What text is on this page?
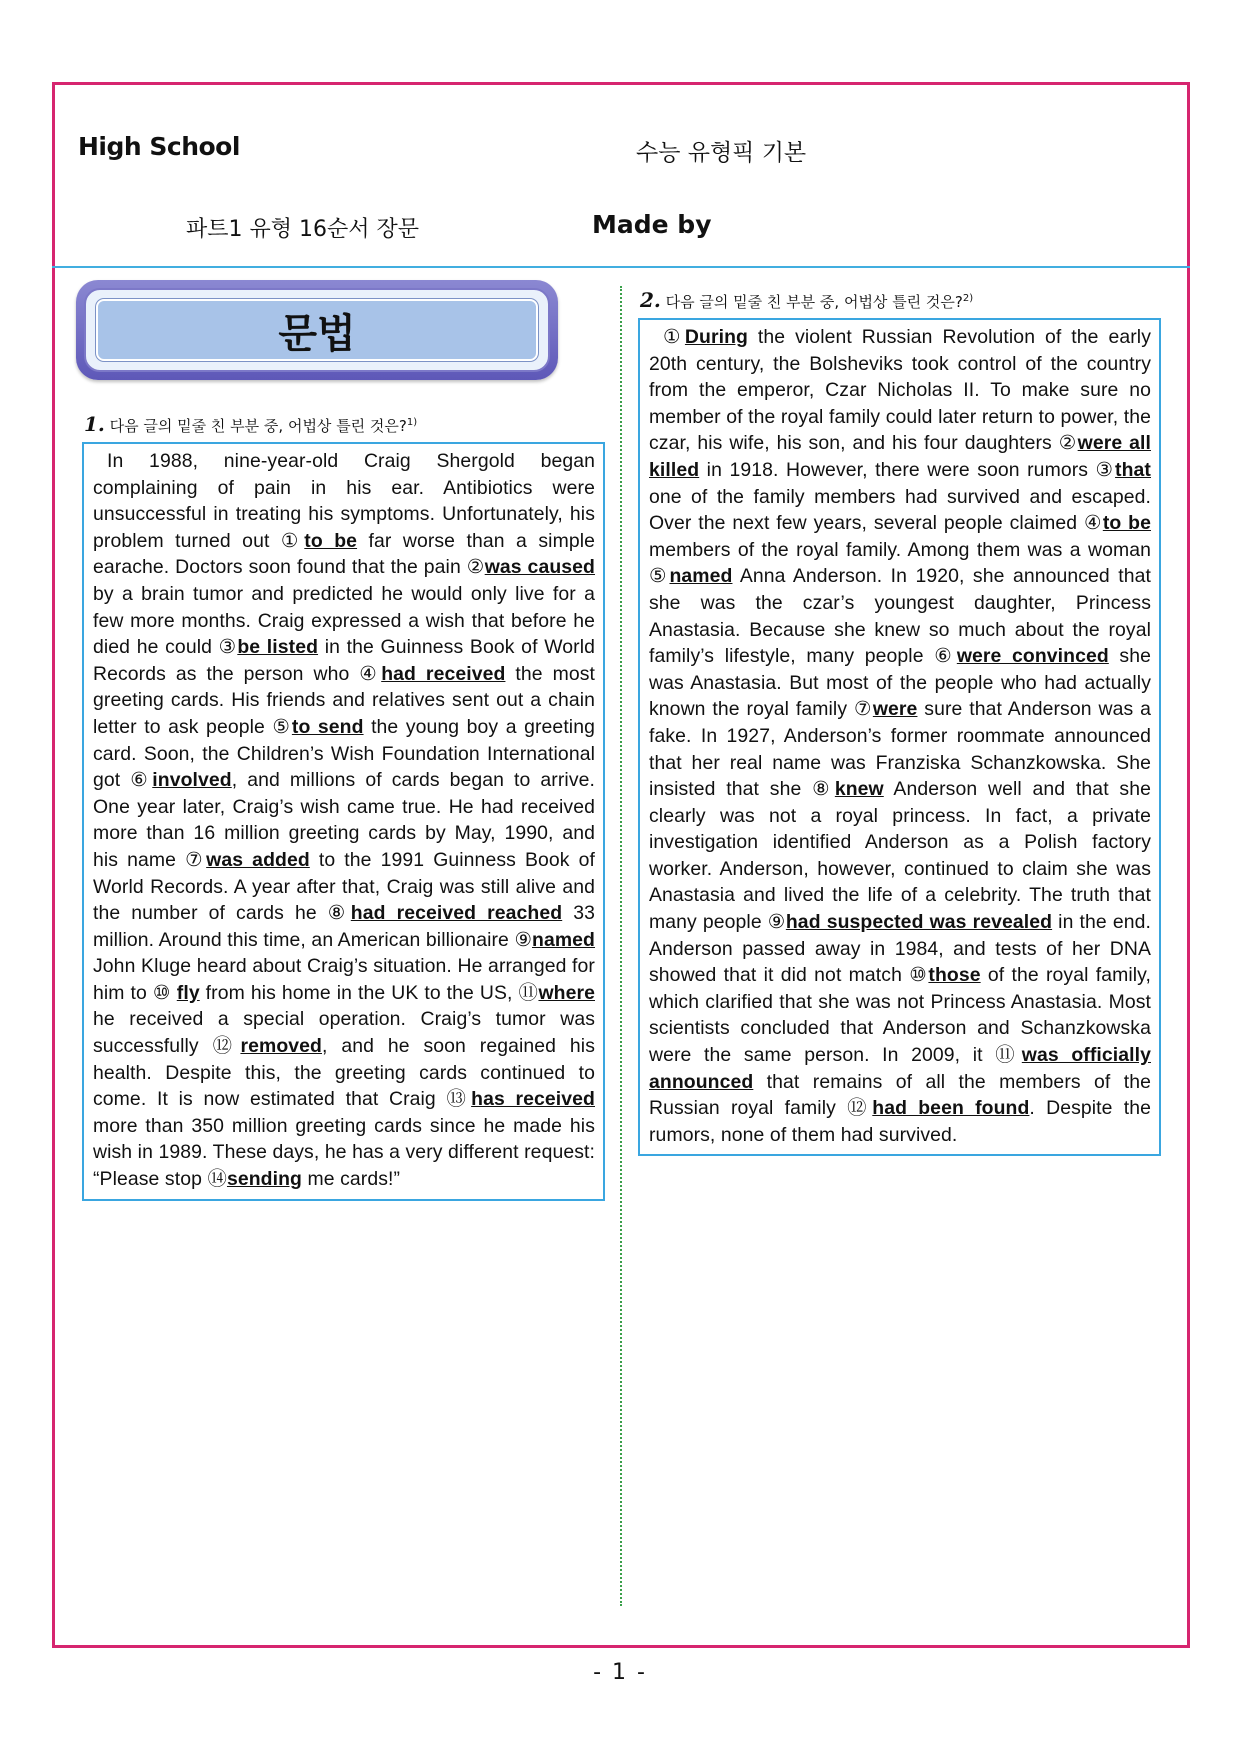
High School	수능 유형픽 기본
파트1 유형 16순서 장문	Made by
문법
1. 다음 글의 밑줄 친 부분 중, 어법상 틀린 것은?$^{1)}$

In 1988, nine-year-old Craig Shergold began complaining of pain in his ear. Antibiotics were unsuccessful in treating his symptoms. Unfortunately, his problem turned out ①to be far worse than a simple earache. Doctors soon found that the pain ②was caused by a brain tumor and predicted he would only live for a few more months. Craig expressed a wish that before he died he could ③be listed in the Guinness Book of World Records as the person who ④had received the most greeting cards. His friends and relatives sent out a chain letter to ask people ⑤to send the young boy a greeting card. Soon, the Children’s Wish Foundation International got ⑥involved, and millions of cards began to arrive. One year later, Craig’s wish came true. He had received more than 16 million greeting cards by May, 1990, and his name ⑦was added to the 1991 Guinness Book of World Records. A year after that, Craig was still alive and the number of cards he ⑧had received reached 33 million. Around this time, an American billionaire ⑨named John Kluge heard about Craig’s situation. He arranged for him to ⑩ fly from his home in the UK to the US, ⑪where he received a special operation. Craig’s tumor was successfully ⑫removed, and he soon regained his health. Despite this, the greeting cards continued to come. It is now estimated that Craig ⑬has received more than 350 million greeting cards since he made his wish in 1989. These days, he has a very different request: “Please stop ⑭sending me cards!”

2. 다음 글의 밑줄 친 부분 중, 어법상 틀린 것은?$^{2)}$

①During the violent Russian Revolution of the early 20th century, the Bolsheviks took control of the country from the emperor, Czar Nicholas II. To make sure no member of the royal family could later return to power, the czar, his wife, his son, and his four daughters ②were all killed in 1918. However, there were soon rumors ③that one of the family members had survived and escaped. Over the next few years, several people claimed ④to be members of the royal family. Among them was a woman ⑤named Anna Anderson. In 1920, she announced that she was the czar’s youngest daughter, Princess Anastasia. Because she knew so much about the royal family’s lifestyle, many people ⑥were convinced she was Anastasia. But most of the people who had actually known the royal family ⑦were sure that Anderson was a fake. In 1927, Anderson’s former roommate announced that her real name was Franziska Schanzkowska. She insisted that she ⑧knew Anderson well and that she clearly was not a royal princess. In fact, a private investigation identified Anderson as a Polish factory worker. Anderson, however, continued to claim she was Anastasia and lived the life of a celebrity. The truth that many people ⑨had suspected was revealed in the end. Anderson passed away in 1984, and tests of her DNA showed that it did not match ⑩those of the royal family, which clarified that she was not Princess Anastasia. Most scientists concluded that Anderson and Schanzkowska were the same person. In 2009, it ⑪was officially announced that remains of all the members of the Russian royal family ⑫had been found. Despite the rumors, none of them had survived.

- 1 -
